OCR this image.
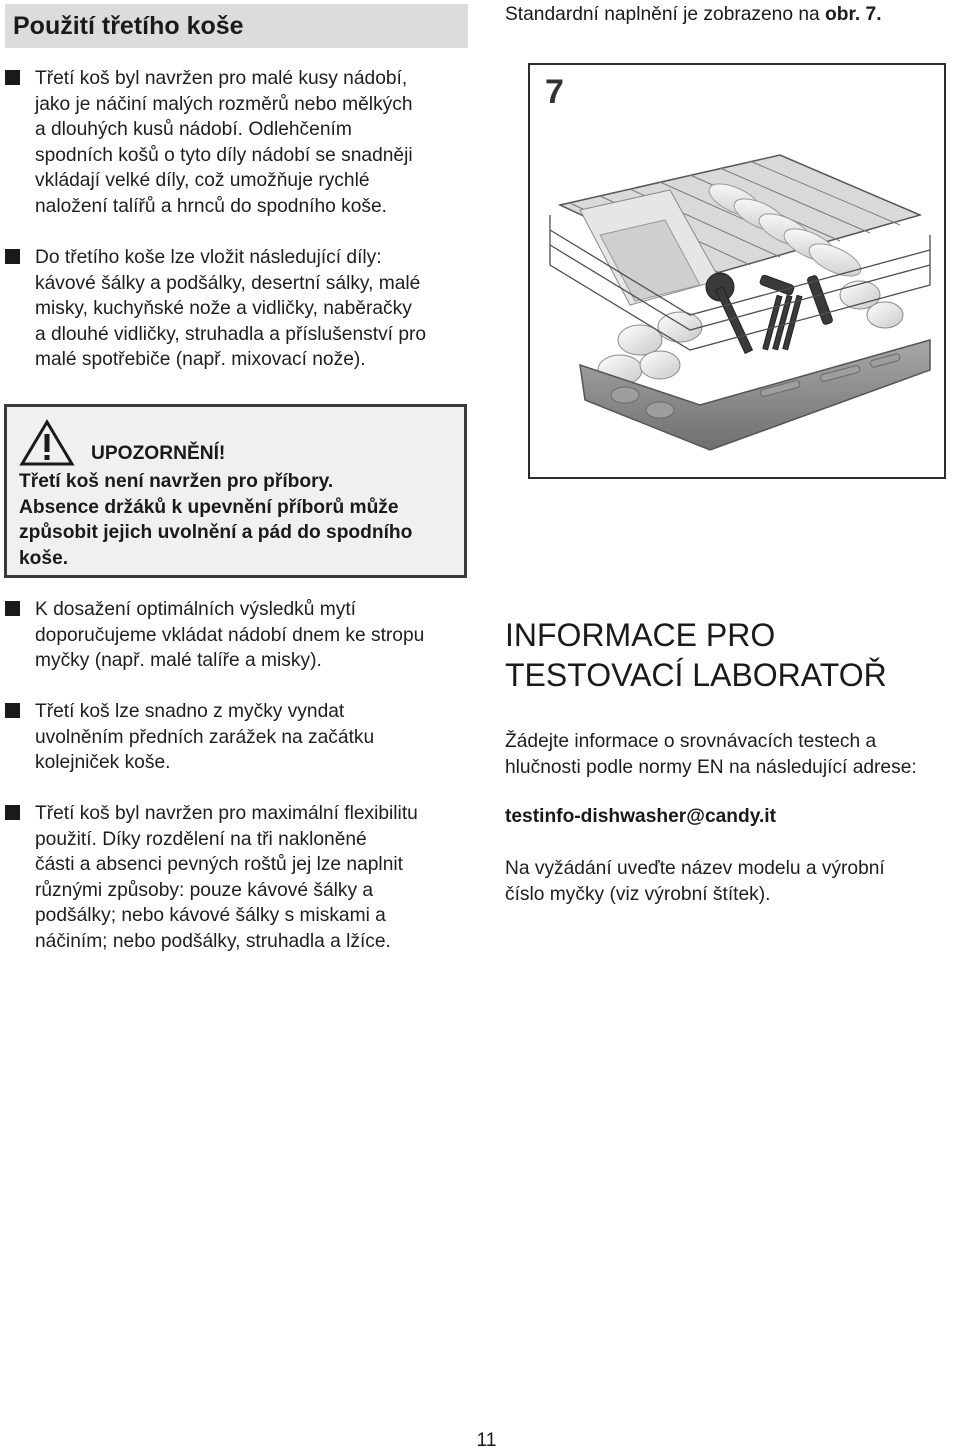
Použití třetího koše

Třetí koš byl navržen pro malé kusy nádobí,
jako je náčiní malých rozměrů nebo mělkých
a dlouhých kusů nádobí. Odlehčením
spodních košů o tyto díly nádobí se snadněji
vkládají velké díly, což umožňuje rychlé
naložení talířů a hrnců do spodního koše.

Do třetího koše lze vložit následující díly:
kávové šálky a podšálky, desertní sálky, malé
misky, kuchyňské nože a vidličky, naběračky
a dlouhé vidličky, struhadla a příslušenství pro
malé spotřebiče (např. mixovací nože).

UPOZORNĚNÍ!

Třetí koš není navržen pro příbory.
Absence držáků k upevnění příborů může
způsobit jejich uvolnění a pád do spodního
koše.

K dosažení optimálních výsledků mytí
doporučujeme vkládat nádobí dnem ke stropu
myčky (např. malé talíře a misky).

Třetí koš lze snadno z myčky vyndat
uvolněním předních zarážek na začátku
kolejniček koše.

Třetí koš byl navržen pro maximální flexibilitu
použití. Díky rozdělení na tři nakloněné
části a absenci pevných roštů jej lze naplnit
různými způsoby: pouze kávové šálky a
podšálky; nebo kávové šálky s miskami a
náčiním; nebo podšálky, struhadla a lžíce.

Standardní naplnění je zobrazeno na obr. 7.
7
INFORMACE PRO
TESTOVACÍ LABORATOŘ

Žádejte informace o srovnávacích testech a
hlučnosti podle normy EN na následující adrese:

testinfo-dishwasher@candy.it

Na vyžádání uveďte název modelu a výrobní
číslo myčky (viz výrobní štítek).

11
